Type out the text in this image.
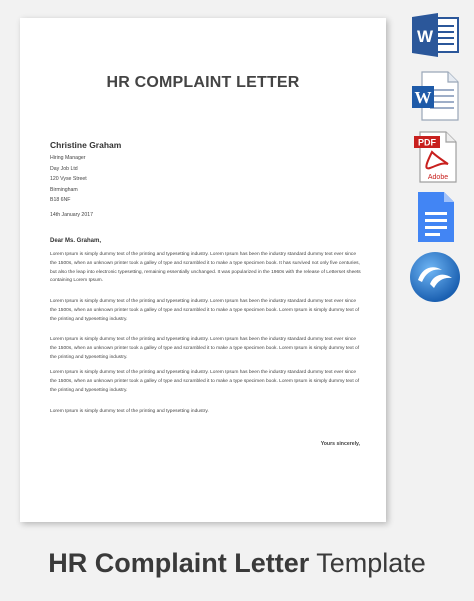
HR COMPLAINT LETTER
Christine Graham
Hiring Manager
Day Job Ltd
120 Vyse Street
Birmingham
B18 6NF
14th January 2017
Dear Ms. Graham,
Lorem Ipsum is simply dummy text of the printing and typesetting industry. Lorem Ipsum has been the industry standard dummy text ever since the 1500s, when an unknown printer took a galley of type and scrambled it to make a type specimen book. It has survived not only five centuries, but also the leap into electronic typesetting, remaining essentially unchanged. It was popularized in the 1960s with the release of Letterset sheets containing Lorem Ipsum.
Lorem Ipsum is simply dummy text of the printing and typesetting industry. Lorem Ipsum has been the industry standard dummy text ever since the 1500s, when an unknown printer took a galley of type and scrambled it to make a type specimen book. Lorem Ipsum is simply dummy text of the printing and typesetting industry.
Lorem Ipsum is simply dummy text of the printing and typesetting industry. Lorem Ipsum has been the industry standard dummy text ever since the 1500s, when an unknown printer took a galley of type and scrambled it to make a type specimen book. Lorem Ipsum is simply dummy text of the printing and typesetting industry.
Lorem Ipsum is simply dummy text of the printing and typesetting industry. Lorem Ipsum has been the industry standard dummy text ever since the 1500s, when an unknown printer took a galley of type and scrambled it to make a type specimen book. Lorem Ipsum is simply dummy text of the printing and typesetting industry.
Lorem Ipsum is simply dummy text of the printing and typesetting industry.
Yours sincerely,
W
W
PDF
Adobe
HR Complaint Letter Template
